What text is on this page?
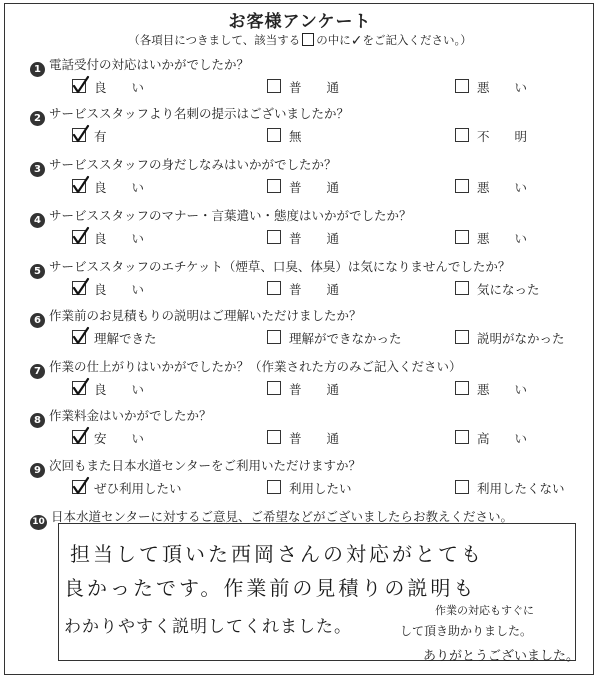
お客様アンケート
（各項目につきまして、該当する の中に✓をご記入ください。）
1 電話受付の対応はいかがでしたか？
良　　い	普　　通	悪　　い
2 サービススタッフより名刺の提示はございましたか？
有	無	不　　明
3 サービススタッフの身だしなみはいかがでしたか？
良　　い	普　　通	悪　　い
4 サービススタッフのマナー・言葉遣い・態度はいかがでしたか？
良　　い	普　　通	悪　　い
5 サービススタッフのエチケット（煙草、口臭、体臭）は気になりませんでしたか？
良　　い	普　　通	気になった
6 作業前のお見積もりの説明はご理解いただけましたか？
理解できた	理解ができなかった	説明がなかった
7 作業の仕上がりはいかがでしたか？（作業された方のみご記入ください）
良　　い	普　　通	悪　　い
8 作業料金はいかがでしたか？
安　　い	普　　通	高　　い
9 次回もまた日本水道センターをご利用いただけますか？
ぜひ利用したい	利用したい	利用したくない
10 日本水道センターに対するご意見、ご希望などがございましたらお教えください。
担当して頂いた西岡さんの対応がとても
良かったです。作業前の見積りの説明も
わかりやすく説明してくれました。
作業の対応もすぐに
して頂き助かりました。
ありがとうございました。
